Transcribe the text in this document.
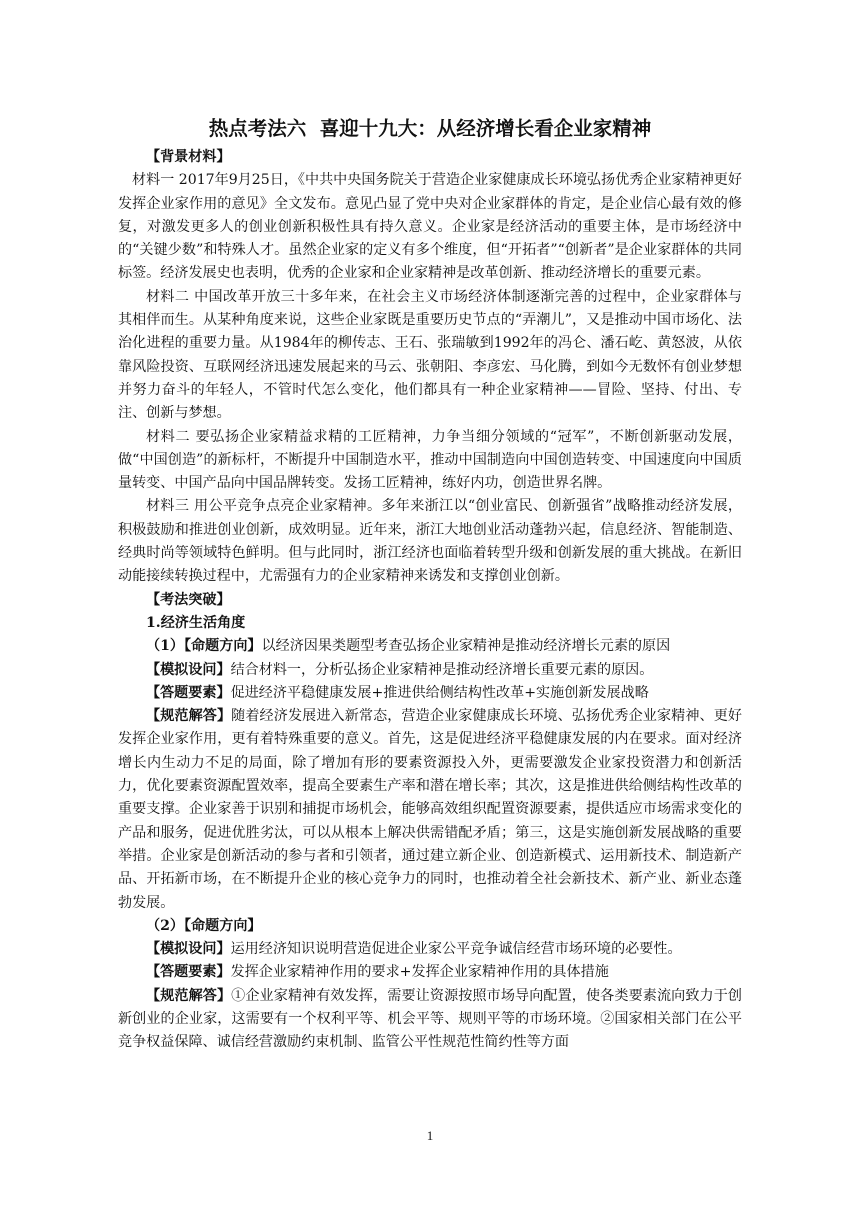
热点考法六  喜迎十九大：从经济增长看企业家精神

【背景材料】

材料一 2017年9月25日，《中共中央国务院关于营造企业家健康成长环境弘扬优秀企业家精神更好发挥企业家作用的意见》全文发布。意见凸显了党中央对企业家群体的肯定，是企业信心最有效的修复，对激发更多人的创业创新积极性具有持久意义。企业家是经济活动的重要主体，是市场经济中的“关键少数”和特殊人才。虽然企业家的定义有多个维度，但“开拓者”“创新者”是企业家群体的共同标签。经济发展史也表明，优秀的企业家和企业家精神是改革创新、推动经济增长的重要元素。

材料二 中国改革开放三十多年来，在社会主义市场经济体制逐渐完善的过程中，企业家群体与其相伴而生。从某种角度来说，这些企业家既是重要历史节点的“弄潮儿”，又是推动中国市场化、法治化进程的重要力量。从1984年的柳传志、王石、张瑞敏到1992年的冯仑、潘石屹、黄怒波，从依靠风险投资、互联网经济迅速发展起来的马云、张朝阳、李彦宏、马化腾，到如今无数怀有创业梦想并努力奋斗的年轻人，不管时代怎么变化，他们都具有一种企业家精神——冒险、坚持、付出、专注、创新与梦想。

材料二 要弘扬企业家精益求精的工匠精神，力争当细分领域的“冠军”，不断创新驱动发展，做“中国创造”的新标杆，不断提升中国制造水平，推动中国制造向中国创造转变、中国速度向中国质量转变、中国产品向中国品牌转变。发扬工匠精神，练好内功，创造世界名牌。

材料三 用公平竞争点亮企业家精神。多年来浙江以“创业富民、创新强省”战略推动经济发展，积极鼓励和推进创业创新，成效明显。近年来，浙江大地创业活动蓬勃兴起，信息经济、智能制造、经典时尚等领域特色鲜明。但与此同时，浙江经济也面临着转型升级和创新发展的重大挑战。在新旧动能接续转换过程中，尤需强有力的企业家精神来诱发和支撑创业创新。

【考法突破】

1.经济生活角度

（1）【命题方向】以经济因果类题型考查弘扬企业家精神是推动经济增长元素的原因

【模拟设问】结合材料一，分析弘扬企业家精神是推动经济增长重要元素的原因。

【答题要素】促进经济平稳健康发展+推进供给侧结构性改革+实施创新发展战略

【规范解答】随着经济发展进入新常态，营造企业家健康成长环境、弘扬优秀企业家精神、更好发挥企业家作用，更有着特殊重要的意义。首先，这是促进经济平稳健康发展的内在要求。面对经济增长内生动力不足的局面，除了增加有形的要素资源投入外，更需要激发企业家投资潜力和创新活力，优化要素资源配置效率，提高全要素生产率和潜在增长率；其次，这是推进供给侧结构性改革的重要支撑。企业家善于识别和捕捉市场机会，能够高效组织配置资源要素，提供适应市场需求变化的产品和服务，促进优胜劣汰，可以从根本上解决供需错配矛盾；第三，这是实施创新发展战略的重要举措。企业家是创新活动的参与者和引领者，通过建立新企业、创造新模式、运用新技术、制造新产品、开拓新市场，在不断提升企业的核心竞争力的同时，也推动着全社会新技术、新产业、新业态蓬勃发展。

（2）【命题方向】

【模拟设问】运用经济知识说明营造促进企业家公平竞争诚信经营市场环境的必要性。

【答题要素】发挥企业家精神作用的要求+发挥企业家精神作用的具体措施

【规范解答】①企业家精神有效发挥，需要让资源按照市场导向配置，使各类要素流向致力于创新创业的企业家，这需要有一个权利平等、机会平等、规则平等的市场环境。②国家相关部门在公平竞争权益保障、诚信经营激励约束机制、监管公平性规范性简约性等方面

1
